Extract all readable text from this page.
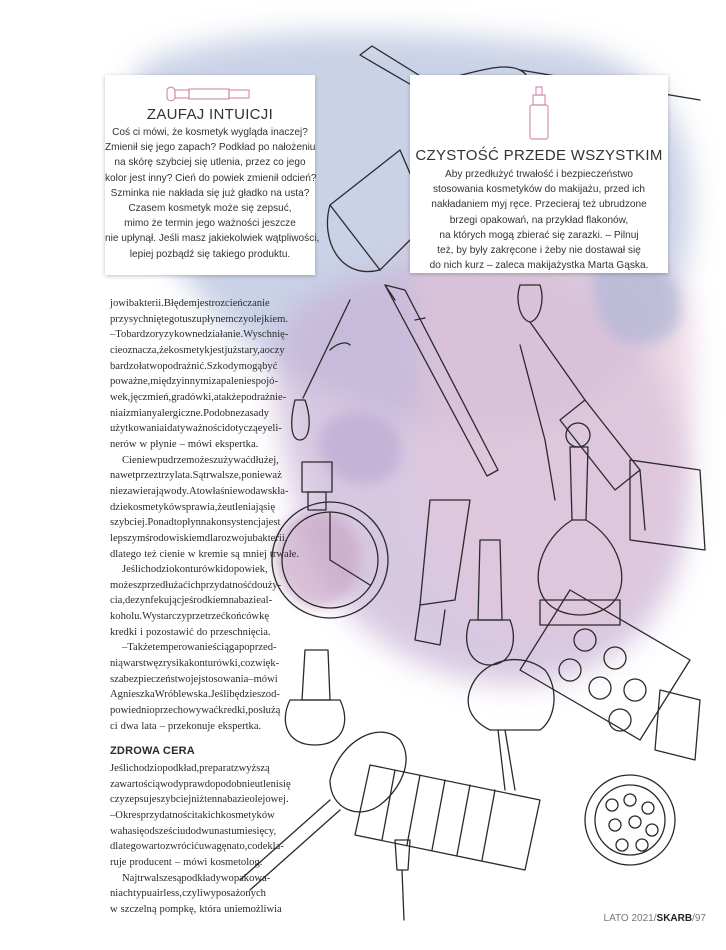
ZAUFAJ INTUICJI
Coś ci mówi, że kosmetyk wygląda inaczej?
Zmienił się jego zapach? Podkład po nałożeniu
na skórę szybciej się utlenia, przez co jego
kolor jest inny? Cień do powiek zmienił odcień?
Szminka nie nakłada się już gładko na usta?
Czasem kosmetyk może się zepsuć,
mimo że termin jego ważności jeszcze
nie upłynął. Jeśli masz jakiekolwiek wątpliwości,
lepiej pozbądź się takiego produktu.
CZYSTOŚĆ PRZEDE WSZYSTKIM
Aby przedłużyć trwałość i bezpieczeństwo
stosowania kosmetyków do makijażu, przed ich
nakładaniem myj ręce. Przecieraj też ubrudzone
brzegi opakowań, na przykład flakonów,
na których mogą zbierać się zarazki. – Pilnuj
też, by były zakręcone i żeby nie dostawał się
do nich kurz – zaleca makijażystka Marta Gąska.
jowi bakterii. Błędem jest rozcieńczanie
przysychniętego tuszu płynem czy olejkiem.
– To bardzo ryzykowne działanie. Wyschnię-
cie oznacza, że kosmetyk jest już stary, a oczy
bardzo łatwo podrażnić. Szkody mogą być
poważne, między innymi zapalenie spojó-
wek, jęczmień, gradówki, a także podrażnie-
nia i zmiany alergiczne. Podobne zasady
użytkowania i daty ważności dotyczą eyeli-
nerów w płynie – mówi ekspertka.
Cienie w pudrze możesz używać dłużej,
nawet przez trzy lata. Są trwalsze, ponieważ
nie zawierają wody. A to właśnie woda w skła-
dzie kosmetyków sprawia, że utleniają się
szybciej. Ponadto płynna konsystencja jest
lepszym środowiskiem dla rozwoju bakterii,
dlatego też cienie w kremie są mniej trwałe.
Jeśli chodzi o konturówki do powiek,
możesz przedłużać ich przydatność do uży-
cia, dezynfekując je środkiem na bazie al-
koholu. Wystarczy przetrzeć końcówkę
kredki i pozostawić do przeschnięcia.
– Także temperowanie ściąga poprzed-
nią warstwę z rysika konturówki, co zwięk-
sza bezpieczeństwo jej stosowania – mówi
Agnieszka Wróblewska. Jeśli będziesz od-
powiednio przechowywać kredki, posłużą
ci dwa lata – przekonuje ekspertka.
ZDROWA CERA
Jeśli chodzi o podkład, preparat z wyższą
zawartością wody prawdopodobnie utleni się
czy zepsuje szybciej niż ten na bazie olejowej.
– Okres przydatności takich kosmetyków
waha się od sześciu do dwunastu miesięcy,
dlatego warto zwrócić uwagę na to, co dekla-
ruje producent – mówi kosmetolog.
Najtrwalsze są podkłady w opakowa-
niach typu airless, czyli wyposażonych
w szczelną pompkę, która uniemożliwia
LATO 2021/SKARB/97
